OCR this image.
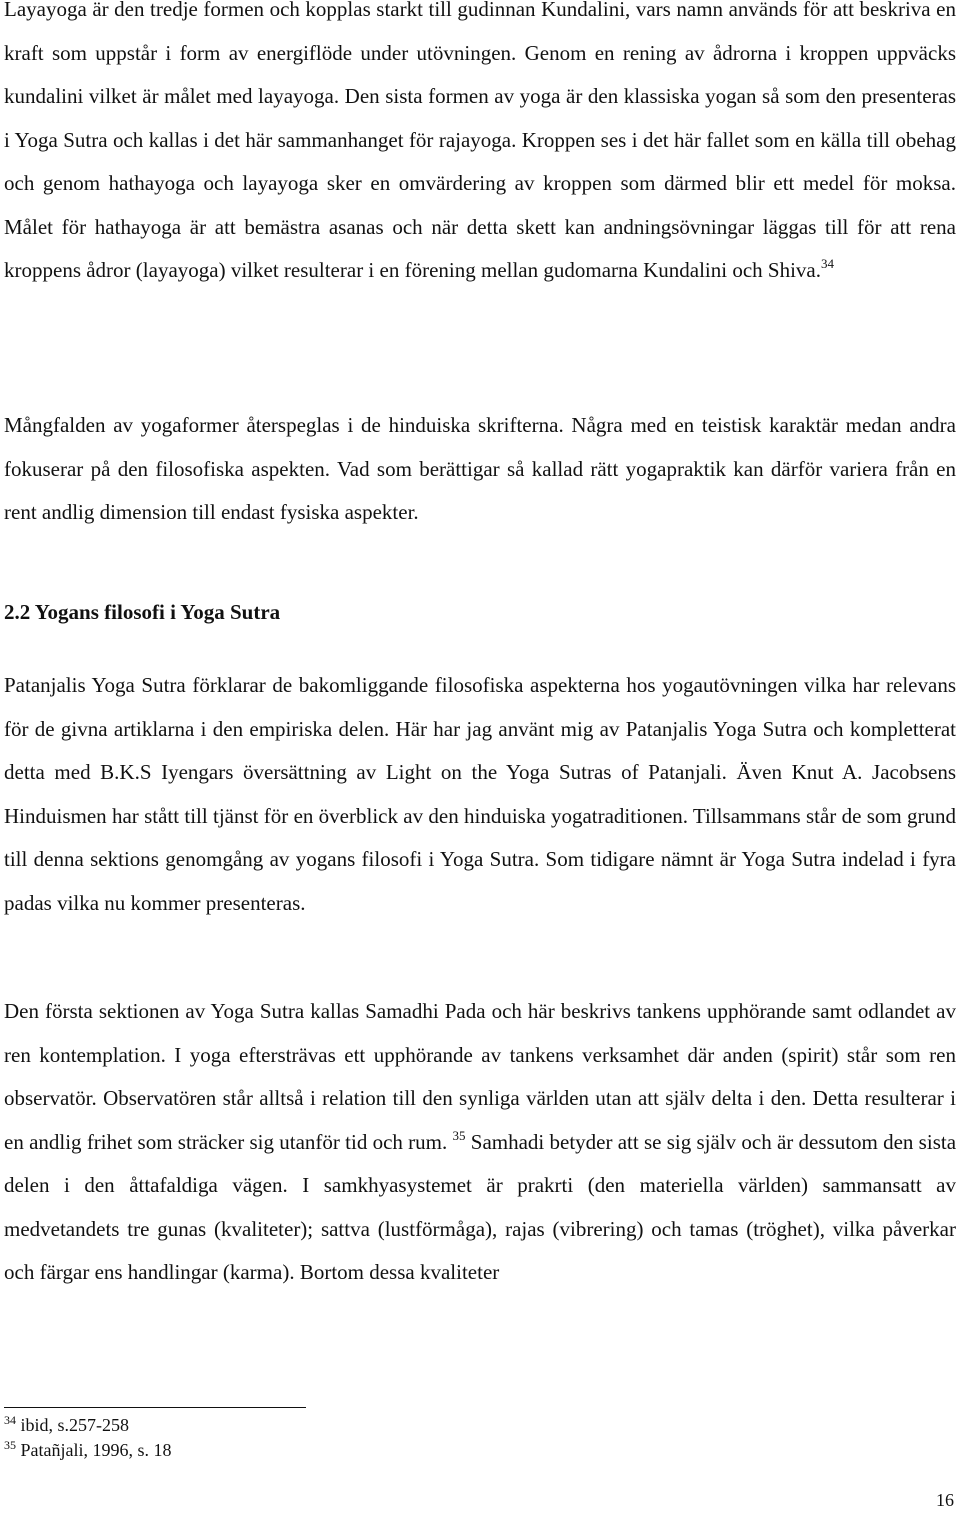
Layayoga är den tredje formen och kopplas starkt till gudinnan Kundalini, vars namn används för att beskriva en kraft som uppstår i form av energiflöde under utövningen. Genom en rening av ådrorna i kroppen uppväcks kundalini vilket är målet med layayoga. Den sista formen av yoga är den klassiska yogan så som den presenteras i Yoga Sutra och kallas i det här sammanhanget för rajayoga. Kroppen ses i det här fallet som en källa till obehag och genom hathayoga och layayoga sker en omvärdering av kroppen som därmed blir ett medel för moksa. Målet för hathayoga är att bemästra asanas och när detta skett kan andningsövningar läggas till för att rena kroppens ådror (layayoga) vilket resulterar i en förening mellan gudomarna Kundalini och Shiva.$^{34}$

Mångfalden av yogaformer återspeglas i de hinduiska skrifterna. Några med en teistisk karaktär medan andra fokuserar på den filosofiska aspekten. Vad som berättigar så kallad rätt yogapraktik kan därför variera från en rent andlig dimension till endast fysiska aspekter.

2.2 Yogans filosofi i Yoga Sutra

Patanjalis Yoga Sutra förklarar de bakomliggande filosofiska aspekterna hos yogautövningen vilka har relevans för de givna artiklarna i den empiriska delen. Här har jag använt mig av Patanjalis Yoga Sutra och kompletterat detta med B.K.S Iyengars översättning av Light on the Yoga Sutras of Patanjali. Även Knut A. Jacobsens Hinduismen har stått till tjänst för en överblick av den hinduiska yogatraditionen. Tillsammans står de som grund till denna sektions genomgång av yogans filosofi i Yoga Sutra. Som tidigare nämnt är Yoga Sutra indelad i fyra padas vilka nu kommer presenteras.

Den första sektionen av Yoga Sutra kallas Samadhi Pada och här beskrivs tankens upphörande samt odlandet av ren kontemplation. I yoga eftersträvas ett upphörande av tankens verksamhet där anden (spirit) står som ren observatör. Observatören står alltså i relation till den synliga världen utan att själv delta i den. Detta resulterar i en andlig frihet som sträcker sig utanför tid och rum. $^{35}$ Samhadi betyder att se sig själv och är dessutom den sista delen i den åttafaldiga vägen. I samkhyasystemet är prakrti (den materiella världen) sammansatt av medvetandets tre gunas (kvaliteter); sattva (lustförmåga), rajas (vibrering) och tamas (tröghet), vilka påverkar och färgar ens handlingar (karma). Bortom dessa kvaliteter

$^{34}$ ibid, s.257-258
$^{35}$ Patañjali, 1996, s. 18
16
